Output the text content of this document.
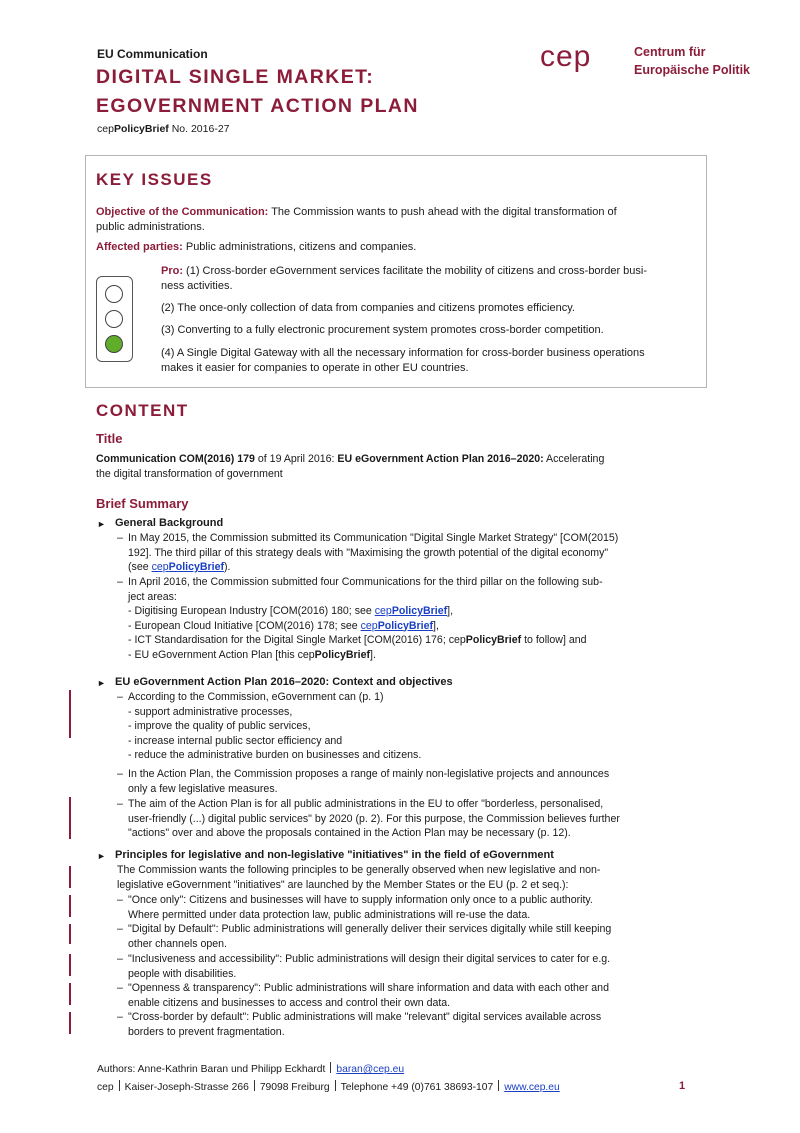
EU Communication
DIGITAL SINGLE MARKET:
EGOVERNMENT ACTION PLAN
cepPolicyBrief No. 2016-27
cep	Centrum für
Europäische Politik
KEY ISSUES
Objective of the Communication: The Commission wants to push ahead with the digital transformation of
public administrations.
Affected parties: Public administrations, citizens and companies.
Pro: (1) Cross-border eGovernment services facilitate the mobility of citizens and cross-border busi-
ness activities.
(2) The once-only collection of data from companies and citizens promotes efficiency.
(3) Converting to a fully electronic procurement system promotes cross-border competition.
(4) A Single Digital Gateway with all the necessary information for cross-border business operations
makes it easier for companies to operate in other EU countries.
CONTENT
Title
Communication COM(2016) 179 of 19 April 2016: EU eGovernment Action Plan 2016–2020: Accelerating
the digital transformation of government
Brief Summary
► General Background
– In May 2015, the Commission submitted its Communication "Digital Single Market Strategy" [COM(2015)
192]. The third pillar of this strategy deals with "Maximising the growth potential of the digital economy"
(see cepPolicyBrief).
– In April 2016, the Commission submitted four Communications for the third pillar on the following sub-
ject areas:
- Digitising European Industry [COM(2016) 180; see cepPolicyBrief],
- European Cloud Initiative [COM(2016) 178; see cepPolicyBrief],
- ICT Standardisation for the Digital Single Market [COM(2016) 176; cepPolicyBrief to follow] and
- EU eGovernment Action Plan [this cepPolicyBrief].
► EU eGovernment Action Plan 2016–2020: Context and objectives
– According to the Commission, eGovernment can (p. 1)
- support administrative processes,
- improve the quality of public services,
- increase internal public sector efficiency and
- reduce the administrative burden on businesses and citizens.
– In the Action Plan, the Commission proposes a range of mainly non-legislative projects and announces
only a few legislative measures.
– The aim of the Action Plan is for all public administrations in the EU to offer "borderless, personalised,
user-friendly (...) digital public services" by 2020 (p. 2). For this purpose, the Commission believes further
"actions" over and above the proposals contained in the Action Plan may be necessary (p. 12).
► Principles for legislative and non-legislative "initiatives" in the field of eGovernment
The Commission wants the following principles to be generally observed when new legislative and non-
legislative eGovernment "initiatives" are launched by the Member States or the EU (p. 2 et seq.):
– "Once only": Citizens and businesses will have to supply information only once to a public authority.
Where permitted under data protection law, public administrations will re-use the data.
– "Digital by Default": Public administrations will generally deliver their services digitally while still keeping
other channels open.
– "Inclusiveness and accessibility": Public administrations will design their digital services to cater for e.g.
people with disabilities.
– "Openness & transparency": Public administrations will share information and data with each other and
enable citizens and businesses to access and control their own data.
– "Cross-border by default": Public administrations will make "relevant" digital services available across
borders to prevent fragmentation.
Authors: Anne-Kathrin Baran und Philipp Eckhardt baran@cep.eu
cep Kaiser-Joseph-Strasse 266 79098 Freiburg Telephone +49 (0)761 38693-107 www.cep.eu	1
